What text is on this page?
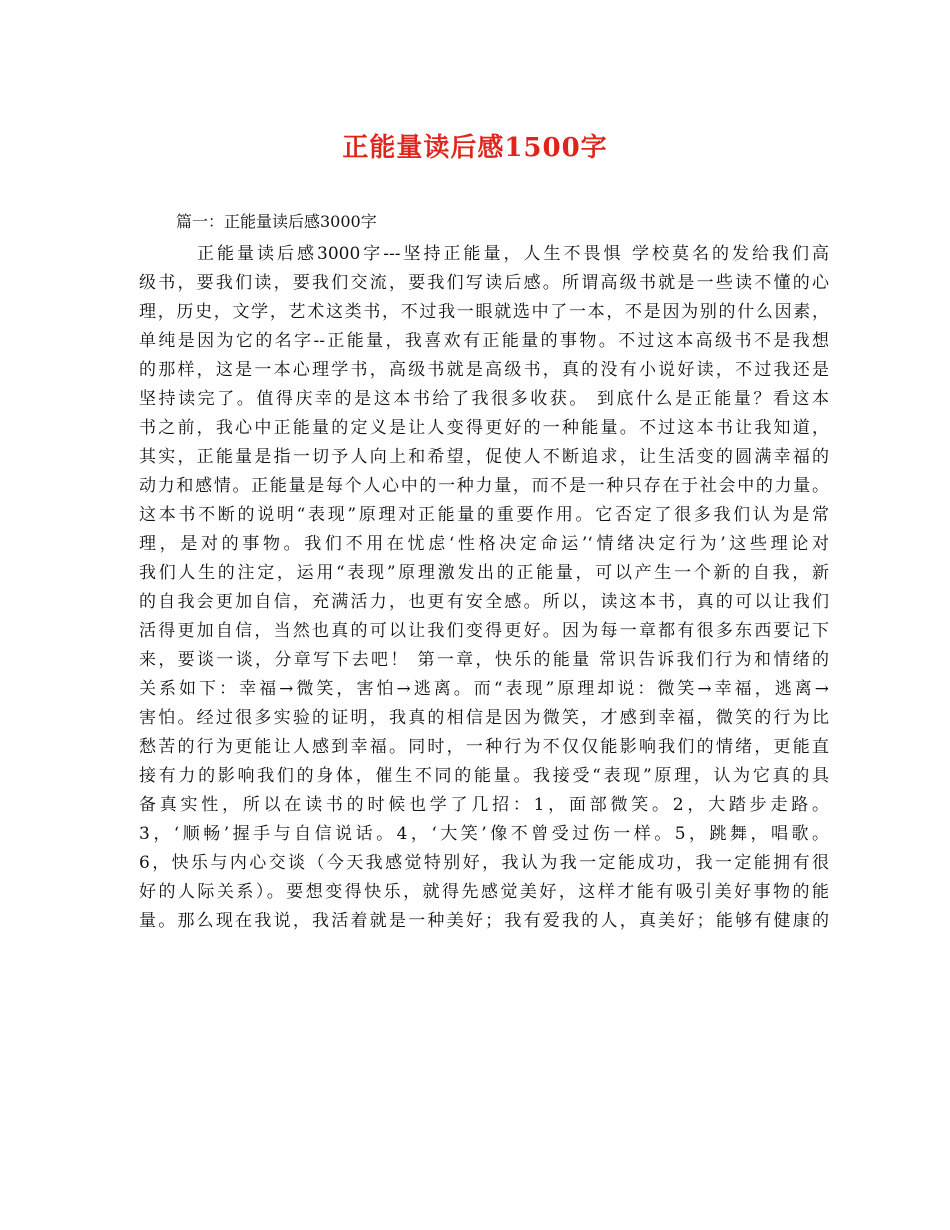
正能量读后感1500字
篇一：正能量读后感3000字
正能量读后感3000字---坚持正能量，人生不畏惧 学校莫名的发给我们高
级书，要我们读，要我们交流，要我们写读后感。所谓高级书就是一些读不懂的心
理，历史，文学，艺术这类书，不过我一眼就选中了一本，不是因为别的什么因素，
单纯是因为它的名字--正能量，我喜欢有正能量的事物。不过这本高级书不是我想
的那样，这是一本心理学书，高级书就是高级书，真的没有小说好读，不过我还是
坚持读完了。值得庆幸的是这本书给了我很多收获。 到底什么是正能量？看这本
书之前，我心中正能量的定义是让人变得更好的一种能量。不过这本书让我知道，
其实，正能量是指一切予人向上和希望，促使人不断追求，让生活变的圆满幸福的
动力和感情。正能量是每个人心中的一种力量，而不是一种只存在于社会中的力量。
这本书不断的说明“表现”原理对正能量的重要作用。它否定了很多我们认为是常
理，是对的事物。我们不用在忧虑‘性格决定命运’‘情绪决定行为’这些理论对
我们人生的注定，运用“表现”原理激发出的正能量，可以产生一个新的自我，新
的自我会更加自信，充满活力，也更有安全感。所以，读这本书，真的可以让我们
活得更加自信，当然也真的可以让我们变得更好。因为每一章都有很多东西要记下
来，要谈一谈，分章写下去吧！ 第一章，快乐的能量 常识告诉我们行为和情绪的
关系如下：幸福→微笑，害怕→逃离。而“表现”原理却说：微笑→幸福，逃离→
害怕。经过很多实验的证明，我真的相信是因为微笑，才感到幸福，微笑的行为比
愁苦的行为更能让人感到幸福。同时，一种行为不仅仅能影响我们的情绪，更能直
接有力的影响我们的身体，催生不同的能量。我接受“表现”原理，认为它真的具
备真实性，所以在读书的时候也学了几招：1，面部微笑。2，大踏步走路。
3，‘顺畅’握手与自信说话。4，‘大笑’像不曾受过伤一样。5，跳舞，唱歌。
6，快乐与内心交谈（今天我感觉特别好，我认为我一定能成功，我一定能拥有很
好的人际关系）。要想变得快乐，就得先感觉美好，这样才能有吸引美好事物的能
量。那么现在我说，我活着就是一种美好；我有爱我的人，真美好；能够有健康的
